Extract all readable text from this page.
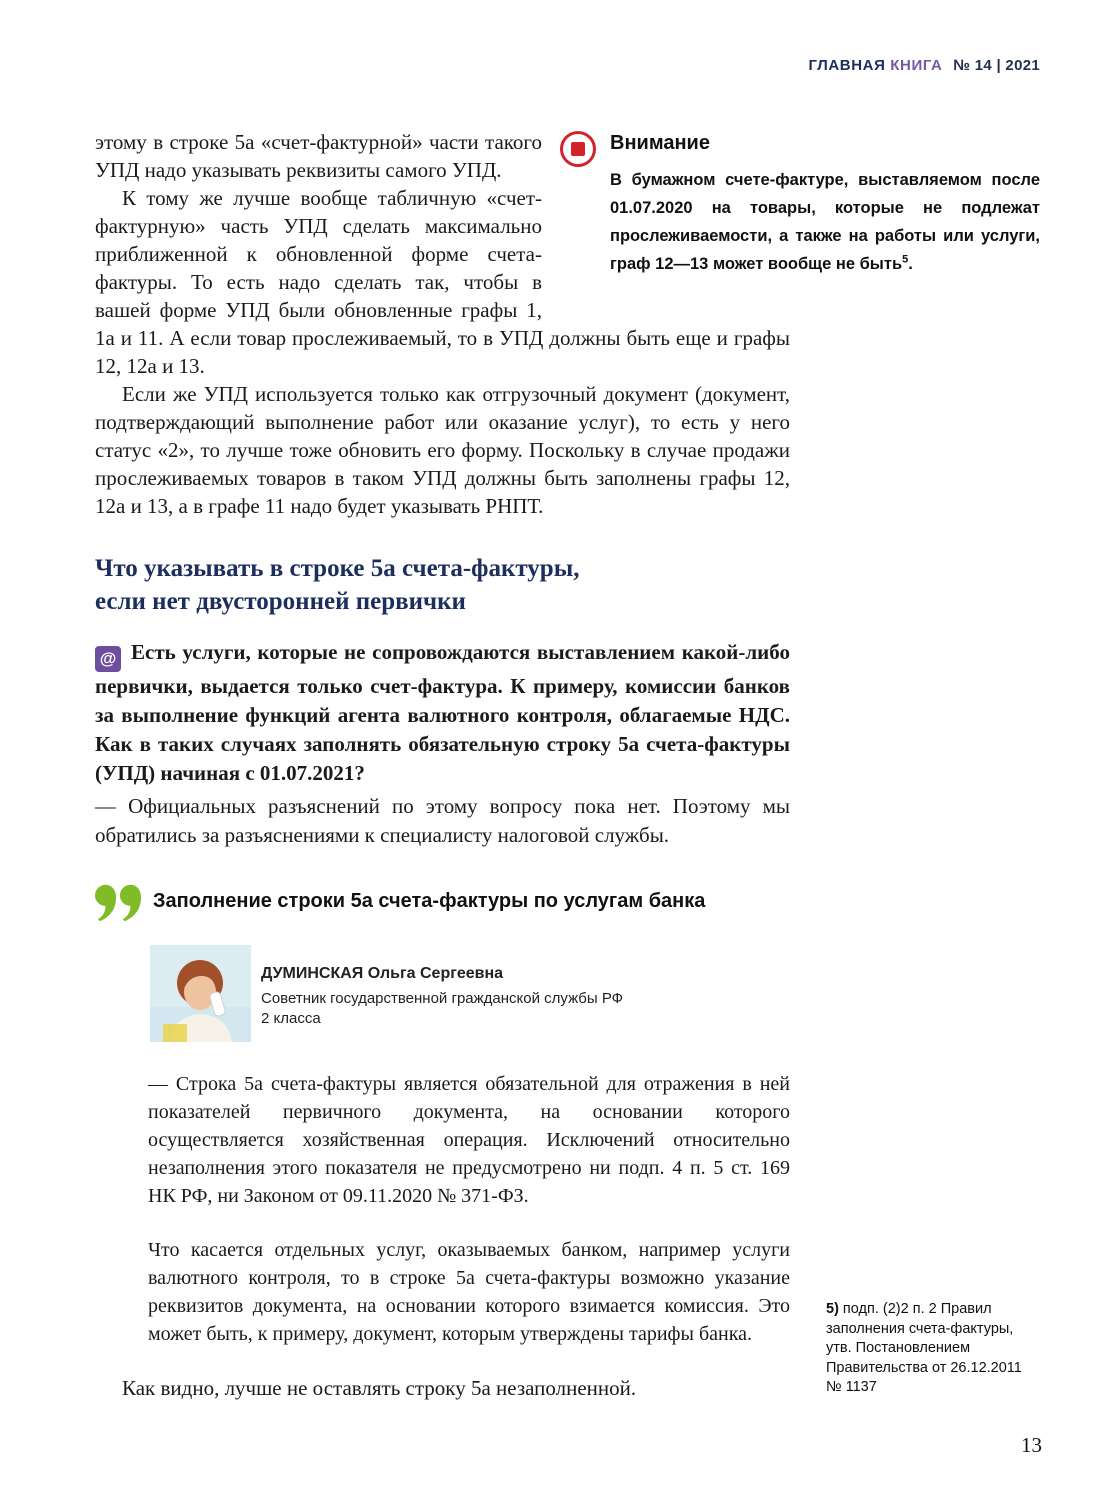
ГЛАВНАЯ КНИГА № 14 | 2021
Внимание

В бумажном счете-фактуре, выставляемом после 01.07.2020 на товары, которые не подлежат прослеживаемости, а также на работы или услуги, граф 12—13 может вообще не быть$^5$.

этому в строке 5а «счет-фактурной» части такого УПД надо указывать реквизиты самого УПД.

К тому же лучше вообще табличную «счет-фактурную» часть УПД сделать максимально приближенной к обновленной форме счета-фактуры. То есть надо сделать так, чтобы в вашей форме УПД были обновленные графы 1, 1а и 11. А если товар прослеживаемый, то в УПД должны быть еще и графы 12, 12а и 13.

Если же УПД используется только как отгрузочный документ (документ, подтверждающий выполнение работ или оказание услуг), то есть у него статус «2», то лучше тоже обновить его форму. Поскольку в случае продажи прослеживаемых товаров в таком УПД должны быть заполнены графы 12, 12а и 13, а в графе 11 надо будет указывать РНПТ.

Что указывать в строке 5а счета-фактуры,
если нет двусторонней первички

@ Есть услуги, которые не сопровождаются выставлением какой-либо первички, выдается только счет-фактура. К примеру, комиссии банков за выполнение функций агента валютного контроля, облагаемые НДС. Как в таких случаях заполнять обязательную строку 5а счета-фактуры (УПД) начиная с 01.07.2021?

— Официальных разъяснений по этому вопросу пока нет. Поэтому мы обратились за разъяснениями к специалисту налоговой службы.

Заполнение строки 5а счета-фактуры по услугам банка
ДУМИНСКАЯ Ольга Сергеевна
Советник государственной гражданской службы РФ
2 класса

— Строка 5а счета-фактуры является обязательной для отражения в ней показателей первичного документа, на основании которого осуществляется хозяйственная операция. Исключений относительно незаполнения этого показателя не предусмотрено ни подп. 4 п. 5 ст. 169 НК РФ, ни Законом от 09.11.2020 № 371-ФЗ.

Что касается отдельных услуг, оказываемых банком, например услуги валютного контроля, то в строке 5а счета-фактуры возможно указание реквизитов документа, на основании которого взимается комиссия. Это может быть, к примеру, документ, которым утверждены тарифы банка.

Как видно, лучше не оставлять строку 5а незаполненной.

5) подп. (2)2 п. 2 Правил заполнения счета-фактуры, утв. Постановлением Правительства от 26.12.2011 № 1137
13
